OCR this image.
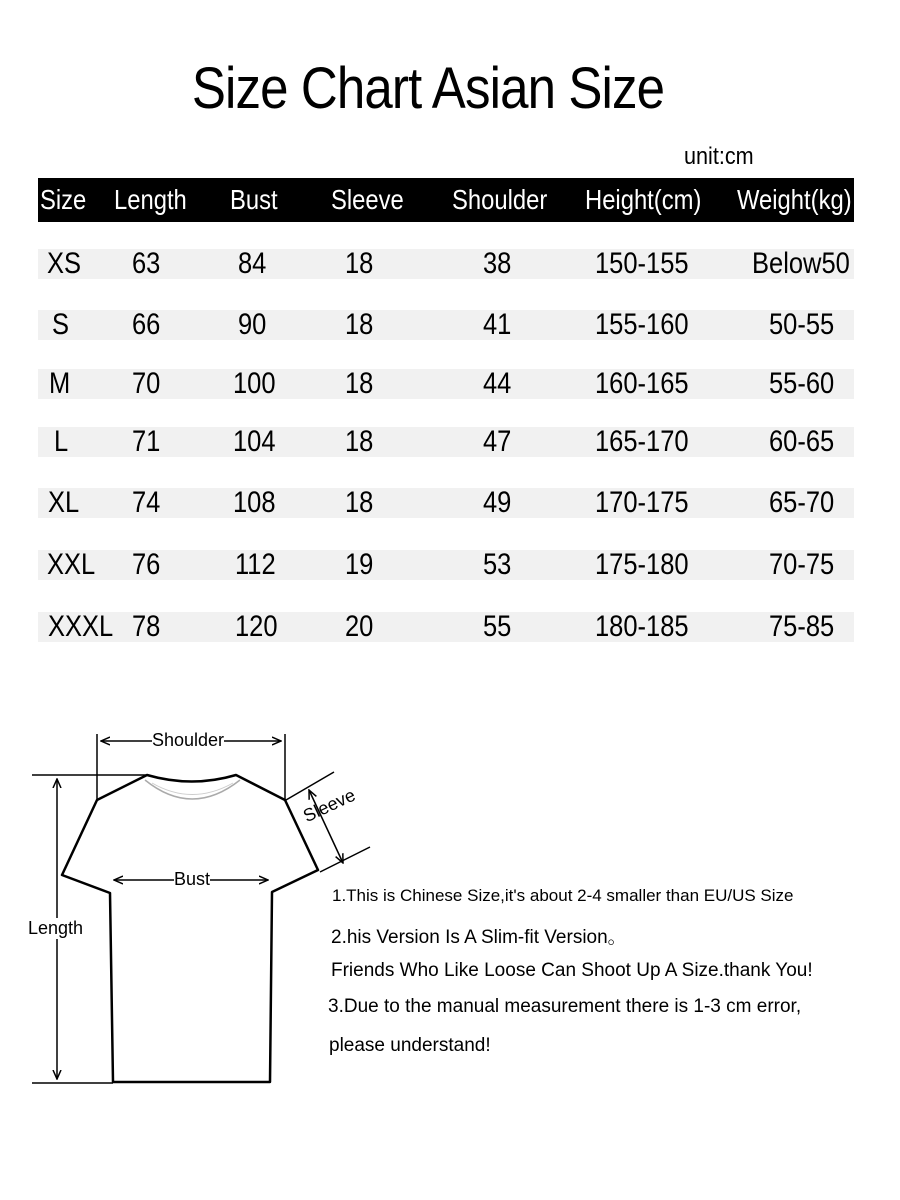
Size Chart Asian Size
unit:cm
Size Length Bust Sleeve Shoulder Height(cm) Weight(kg)
XS 63	84	18	38	150-155 Below50
S 66	90	18	41	155-160	50-55
M 70 100 18	44	160-165	55-60
L 71 104 18	47	165-170	60-65
XL 74 108 18	49	170-175	65-70
XXL 76 112 19	53	175-180	70-75
XXXL 78 120 20	55	180-185	75-85
Shoulder
Sleeve
Bust
Length
1.This is Chinese Size,it's about 2-4 smaller than EU/US Size
2.his Version Is A Slim-fit Version。
Friends Who Like Loose Can Shoot Up A Size.thank You!
3.Due to the manual measurement there is 1-3 cm error,
please understand!
